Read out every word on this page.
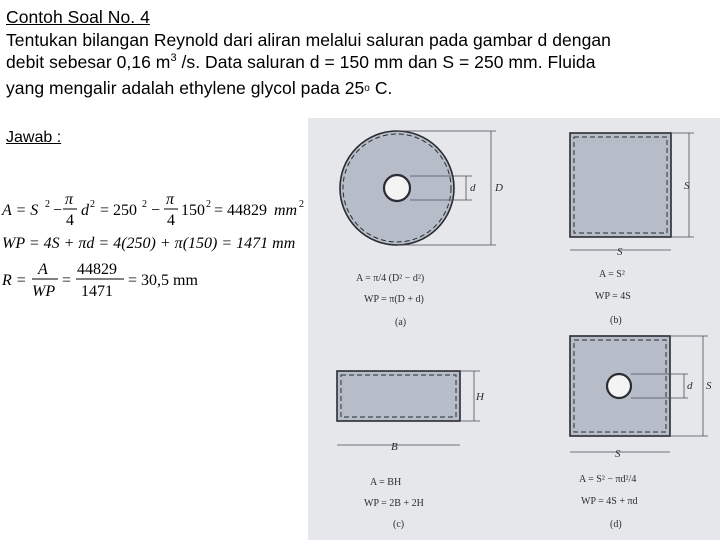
Contoh Soal No. 4
Tentukan bilangan Reynold dari aliran melalui saluran pada gambar d dengan
debit sebesar 0,16 $m^3$ /s. Data saluran d = 150 mm dan S = 250 mm. Fluida
yang mengalir adalah ethylene glycol pada 25o C.
Jawab :
A = S 2 −
π
4
d 2 = 250 2 −
π
4
150 2 = 44829 mm 2
WP = 4S + πd = 4(250) + π(150) = 1471 mm
R =
A
WP
=
44829
1471
= 30,5 mm
d D
A = π/4 (D² − d²)
WP = π(D + d)
(a)
S
S
A = S²
WP = 4S
(b)
H
B
A = BH
WP = 2B + 2H
(c)
d S
S
A = S² − πd²/4
WP = 4S + πd
(d)
